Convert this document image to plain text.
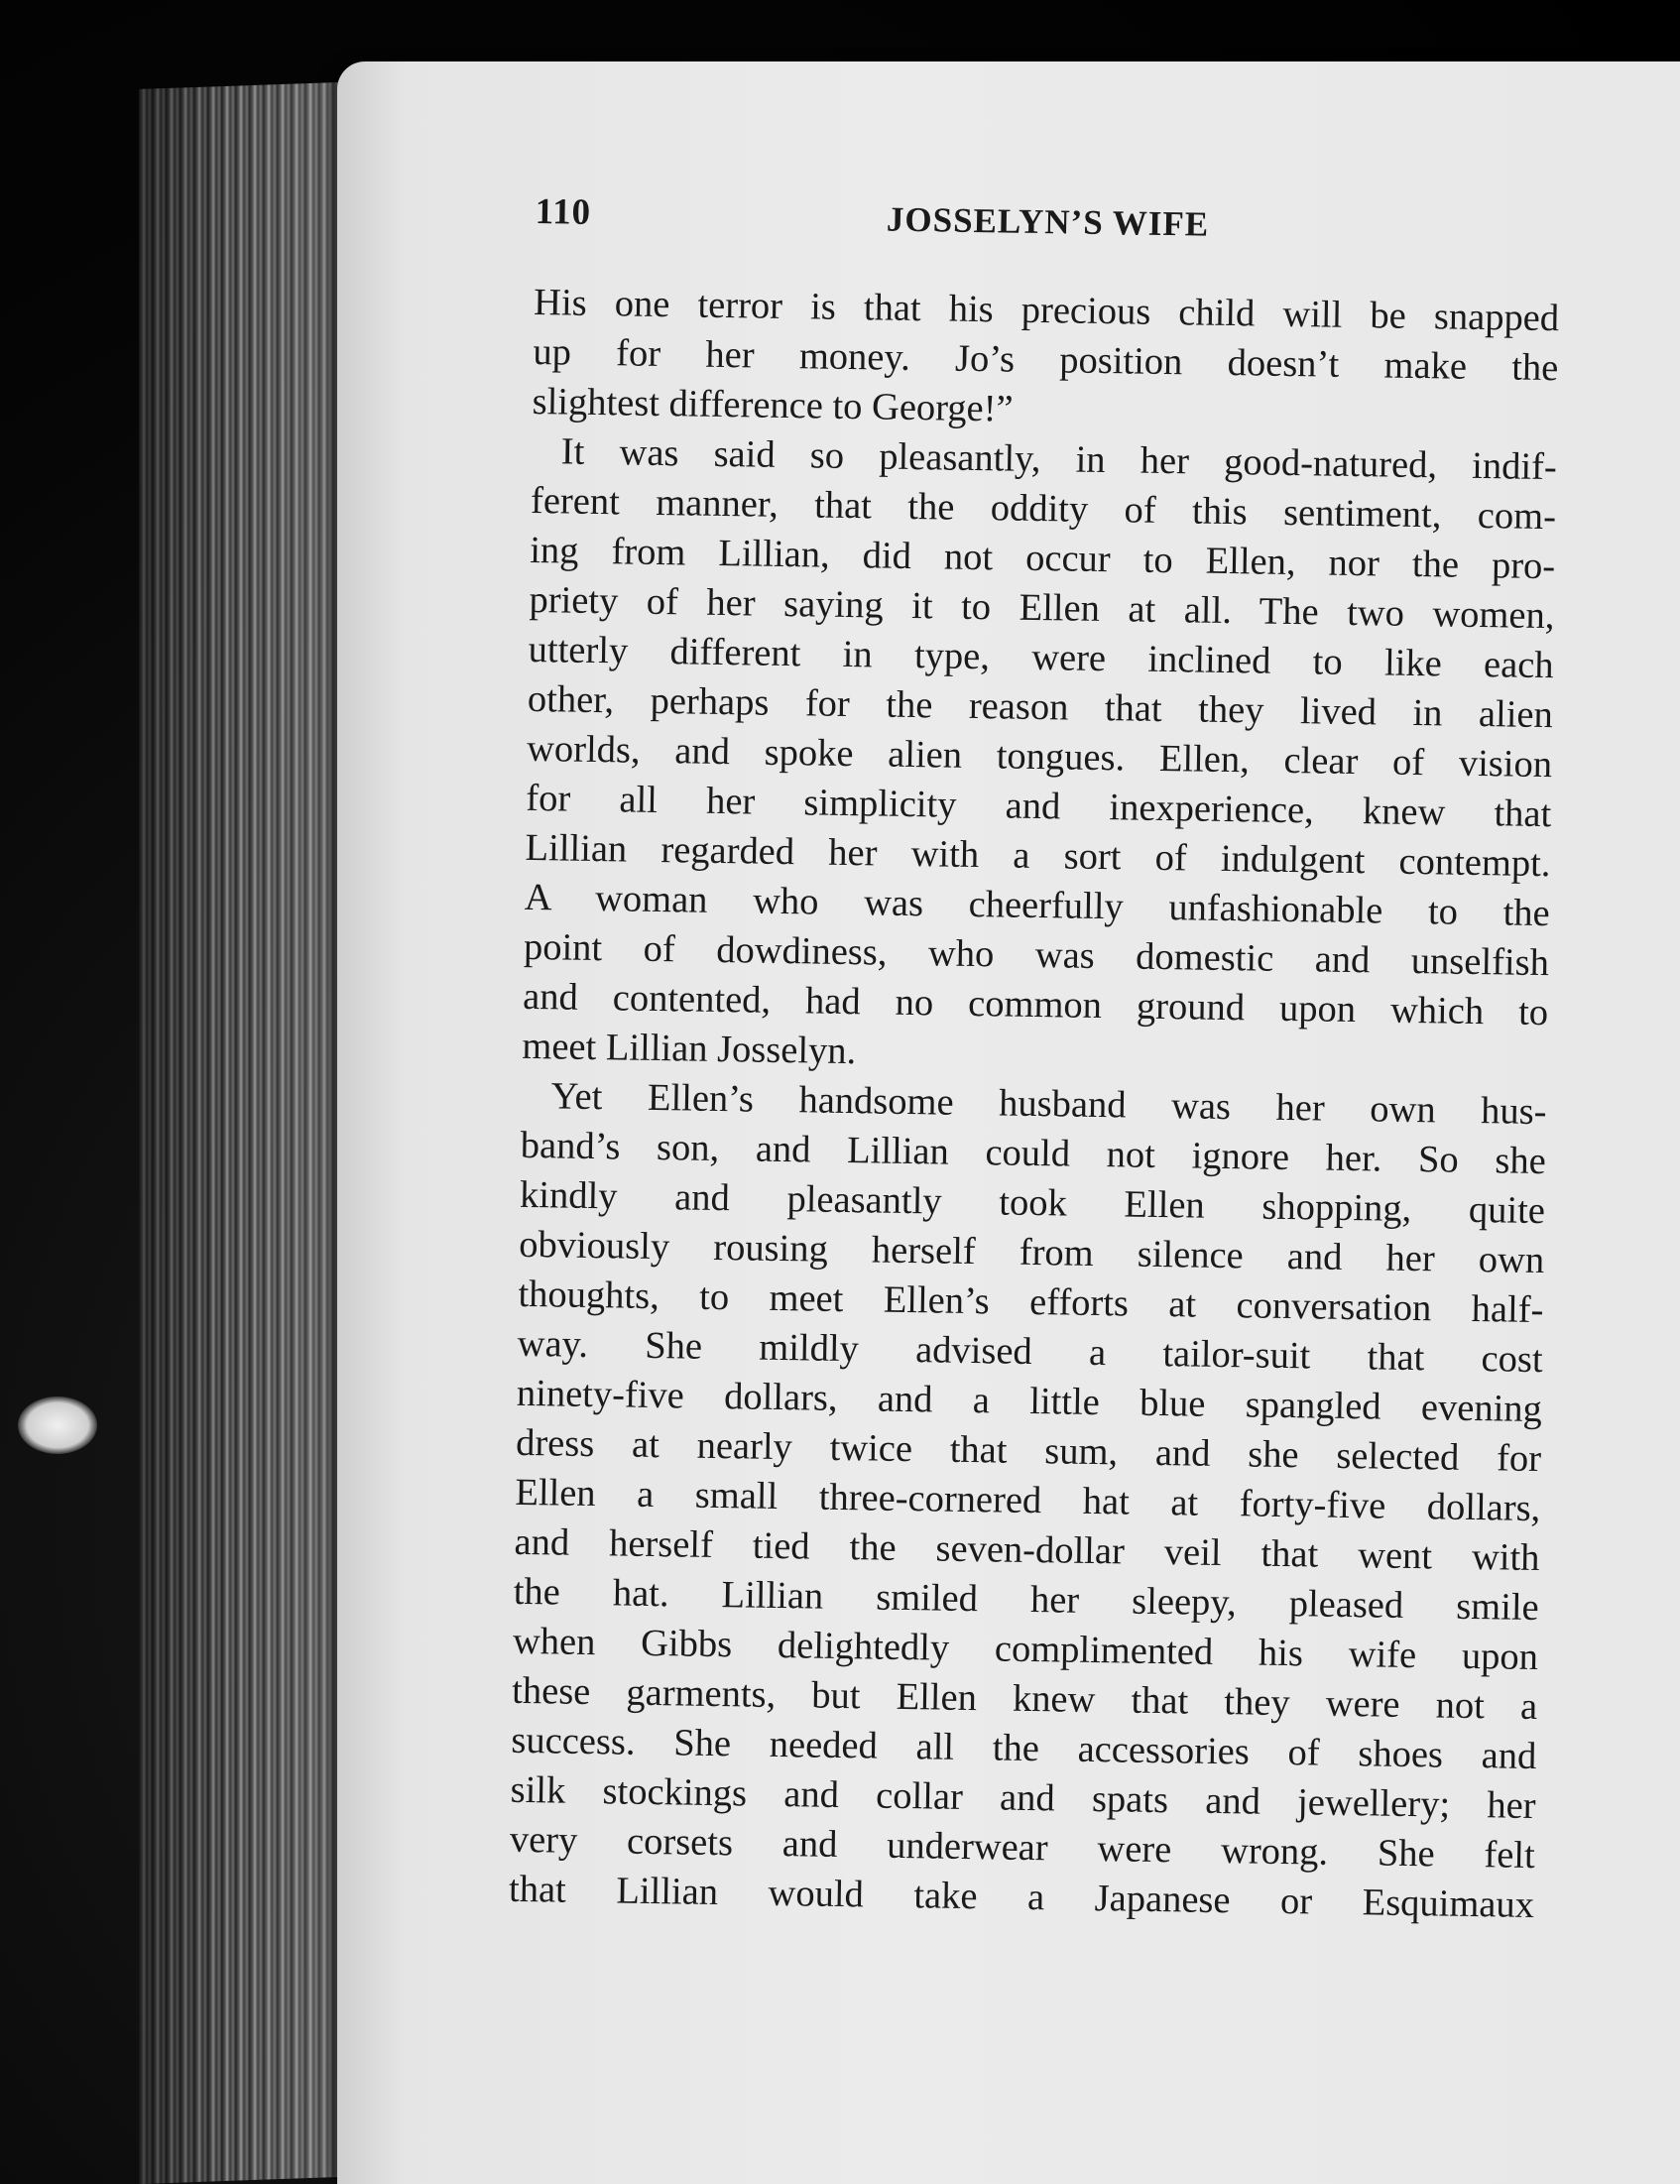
110	JOSSELYN’S WIFE

His one terror is that his precious child will be snapped

up for her money. Jo’s position doesn’t make the

slightest difference to George!”

It was said so pleasantly, in her good-natured, indif-

ferent manner, that the oddity of this sentiment, com-

ing from Lillian, did not occur to Ellen, nor the pro-

priety of her saying it to Ellen at all. The two women,

utterly different in type, were inclined to like each

other, perhaps for the reason that they lived in alien

worlds, and spoke alien tongues. Ellen, clear of vision

for all her simplicity and inexperience, knew that

Lillian regarded her with a sort of indulgent contempt.

A woman who was cheerfully unfashionable to the

point of dowdiness, who was domestic and unselfish

and contented, had no common ground upon which to

meet Lillian Josselyn.

Yet Ellen’s handsome husband was her own hus-

band’s son, and Lillian could not ignore her. So she

kindly and pleasantly took Ellen shopping, quite

obviously rousing herself from silence and her own

thoughts, to meet Ellen’s efforts at conversation half-

way. She mildly advised a tailor-suit that cost

ninety-five dollars, and a little blue spangled evening

dress at nearly twice that sum, and she selected for

Ellen a small three-cornered hat at forty-five dollars,

and herself tied the seven-dollar veil that went with

the hat. Lillian smiled her sleepy, pleased smile

when Gibbs delightedly complimented his wife upon

these garments, but Ellen knew that they were not a

success. She needed all the accessories of shoes and

silk stockings and collar and spats and jewellery; her

very corsets and underwear were wrong. She felt

that Lillian would take a Japanese or Esquimaux
